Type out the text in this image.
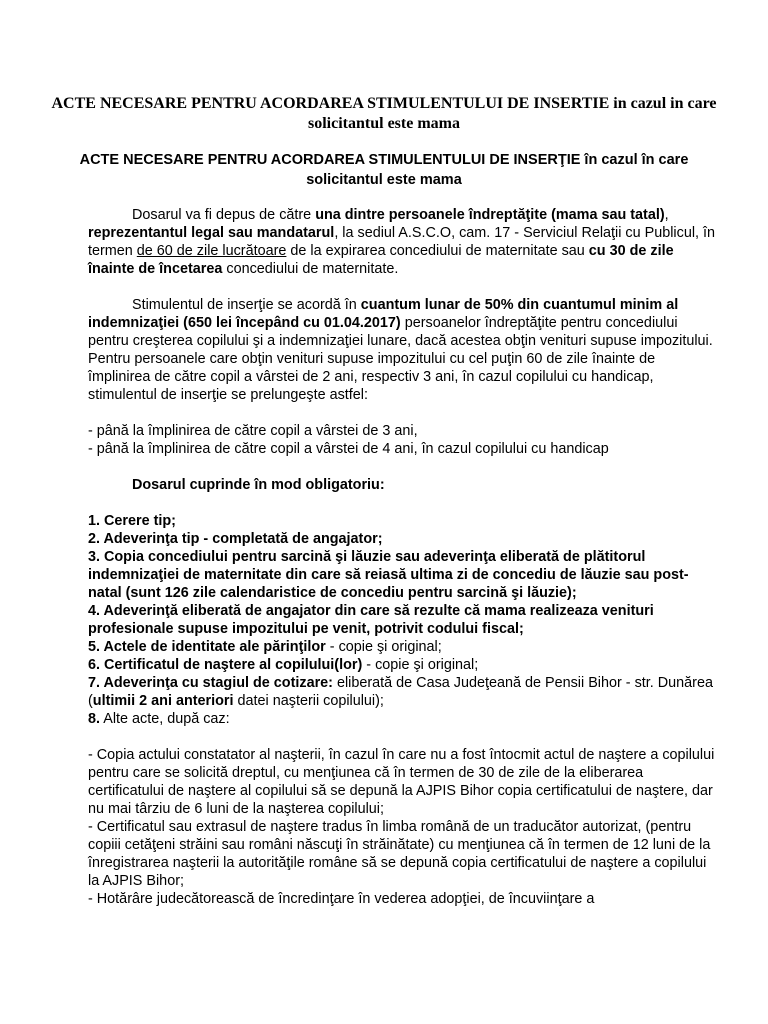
ACTE NECESARE PENTRU ACORDAREA STIMULENTULUI DE INSERTIE in cazul in care solicitantul este mama
ACTE NECESARE PENTRU ACORDAREA STIMULENTULUI DE INSERŢIE în cazul în care solicitantul este mama

Dosarul va fi depus de către una dintre persoanele îndreptăţite (mama sau tatal), reprezentantul legal sau mandatarul, la sediul A.S.C.O, cam. 17 - Serviciul Relaţii cu Publicul, în termen de 60 de zile lucrătoare de la expirarea concediului de maternitate sau cu 30 de zile înainte de încetarea concediului de maternitate.

Stimulentul de inserţie se acordă în cuantum lunar de 50% din cuantumul minim al indemnizaţiei (650 lei începând cu 01.04.2017) persoanelor îndreptăţite pentru concediului pentru creşterea copilului şi a indemnizaţiei lunare, dacă acestea obţin venituri supuse impozitului.

Pentru persoanele care obţin venituri supuse impozitului cu cel puţin 60 de zile înainte de împlinirea de către copil a vârstei de 2 ani, respectiv 3 ani, în cazul copilului cu handicap, stimulentul de inserţie se prelungeşte astfel:

- până la împlinirea de către copil a vârstei de 3 ani,

- până la împlinirea de către copil a vârstei de 4 ani, în cazul copilului cu handicap

Dosarul cuprinde în mod obligatoriu:

1. Cerere tip;

2. Adeverinţa tip - completată de angajator;

3. Copia concediului pentru sarcină şi lăuzie sau adeverinţa eliberată de plătitorul indemnizaţiei de maternitate din care să reiasă ultima zi de concediu de lăuzie sau post-natal (sunt 126 zile calendaristice de concediu pentru sarcină şi lăuzie);

4. Adeverinţă eliberată de angajator din care să rezulte că mama realizeaza venituri profesionale supuse impozitului pe venit, potrivit codului fiscal;

5. Actele de identitate ale părinţilor - copie şi original;

6. Certificatul de naştere al copilului(lor) - copie şi original;

7. Adeverinţa cu stagiul de cotizare: eliberată de Casa Judeţeană de Pensii Bihor - str. Dunărea (ultimii 2 ani anteriori datei naşterii copilului);

8. Alte acte, după caz:

- Copia actului constatator al naşterii, în cazul în care nu a fost întocmit actul de naştere a copilului pentru care se solicită dreptul, cu menţiunea că în termen de 30 de zile de la eliberarea certificatului de naştere al copilului să se depună la AJPIS Bihor copia certificatului de naştere, dar nu mai târziu de 6 luni de la naşterea copilului;

- Certificatul sau extrasul de naştere tradus în limba română de un traducător autorizat, (pentru copiii cetăţeni străini sau români născuţi în străinătate) cu menţiunea că în termen de 12 luni de la înregistrarea naşterii la autorităţile române să se depună copia certificatului de naştere a copilului la AJPIS Bihor;

- Hotărâre judecătorească de încredinţare în vederea adopţiei, de încuviinţare a
